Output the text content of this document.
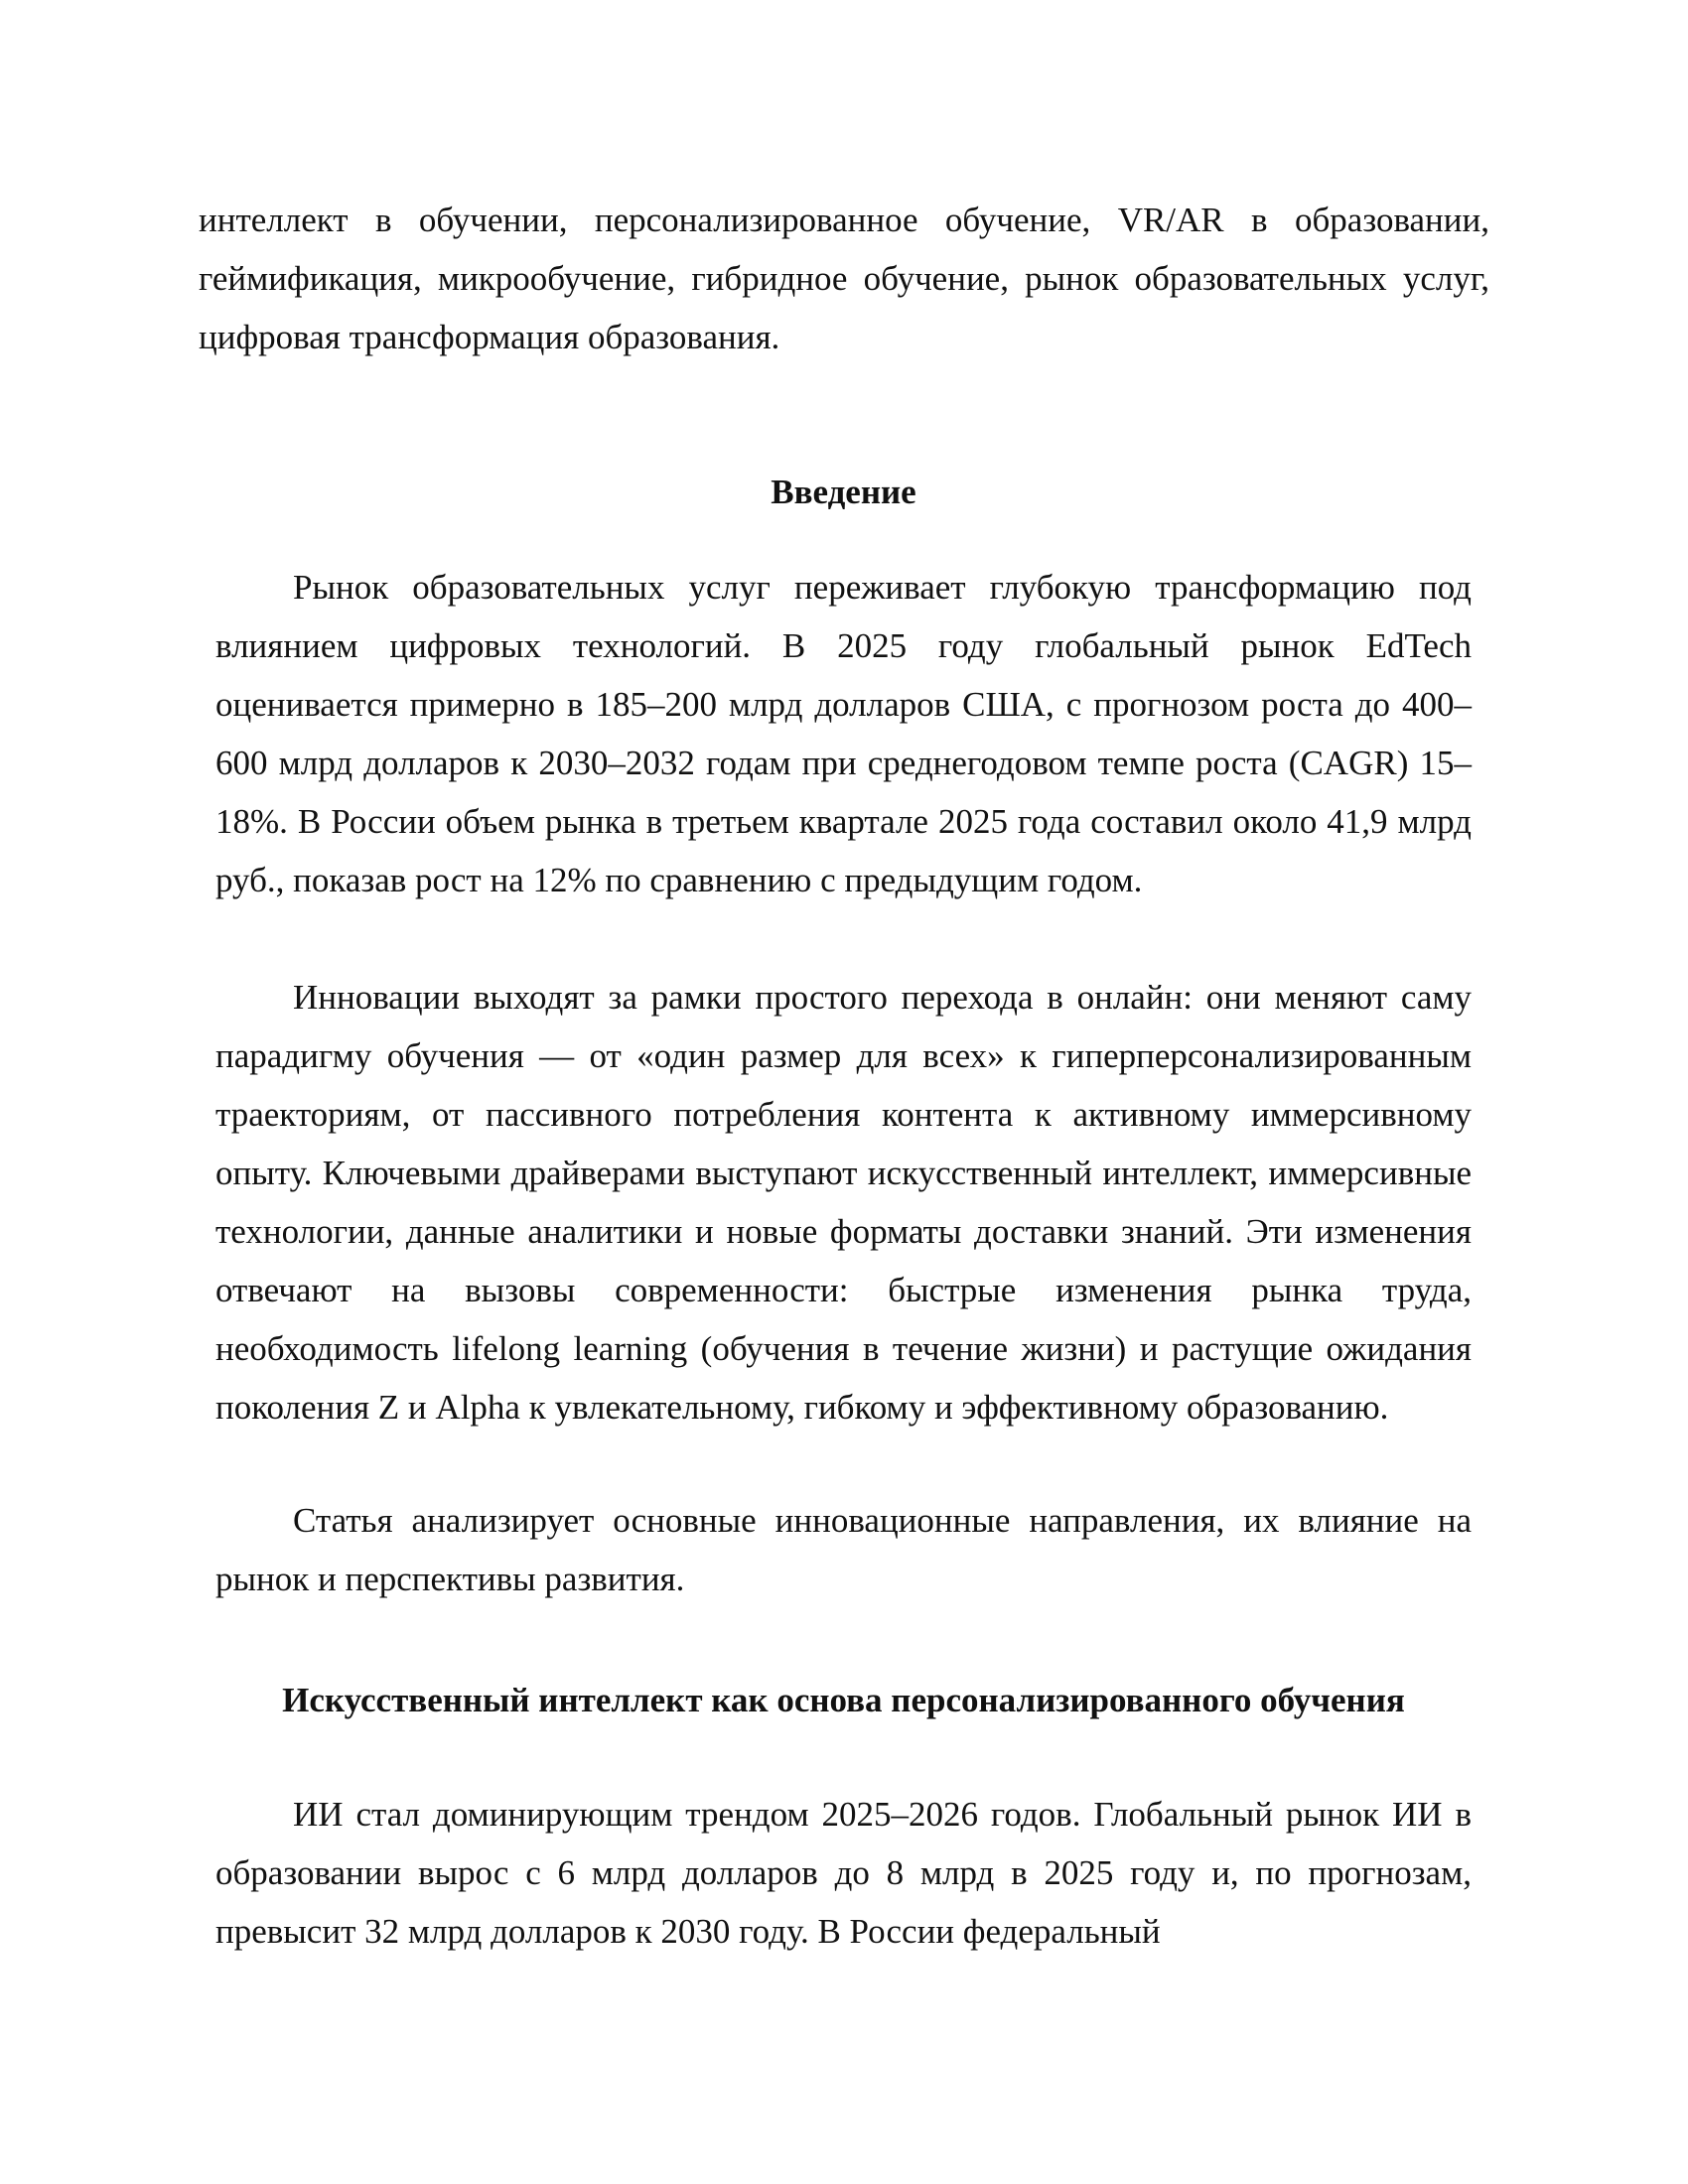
интеллект в обучении, персонализированное обучение, VR/AR в образовании, геймификация, микрообучение, гибридное обучение, рынок образовательных услуг, цифровая трансформация образования.

Введение

Рынок образовательных услуг переживает глубокую трансформацию под влиянием цифровых технологий. В 2025 году глобальный рынок EdTech оценивается примерно в 185–200 млрд долларов США, с прогнозом роста до 400–600 млрд долларов к 2030–2032 годам при среднегодовом темпе роста (CAGR) 15–18%. В России объем рынка в третьем квартале 2025 года составил около 41,9 млрд руб., показав рост на 12% по сравнению с предыдущим годом.

Инновации выходят за рамки простого перехода в онлайн: они меняют саму парадигму обучения — от «один размер для всех» к гиперперсонализированным траекториям, от пассивного потребления контента к активному иммерсивному опыту. Ключевыми драйверами выступают искусственный интеллект, иммерсивные технологии, данные аналитики и новые форматы доставки знаний. Эти изменения отвечают на вызовы современности: быстрые изменения рынка труда, необходимость lifelong learning (обучения в течение жизни) и растущие ожидания поколения Z и Alpha к увлекательному, гибкому и эффективному образованию.

Статья анализирует основные инновационные направления, их влияние на рынок и перспективы развития.

Искусственный интеллект как основа персонализированного обучения

ИИ стал доминирующим трендом 2025–2026 годов. Глобальный рынок ИИ в образовании вырос с 6 млрд долларов до 8 млрд в 2025 году и, по прогнозам, превысит 32 млрд долларов к 2030 году. В России федеральный
